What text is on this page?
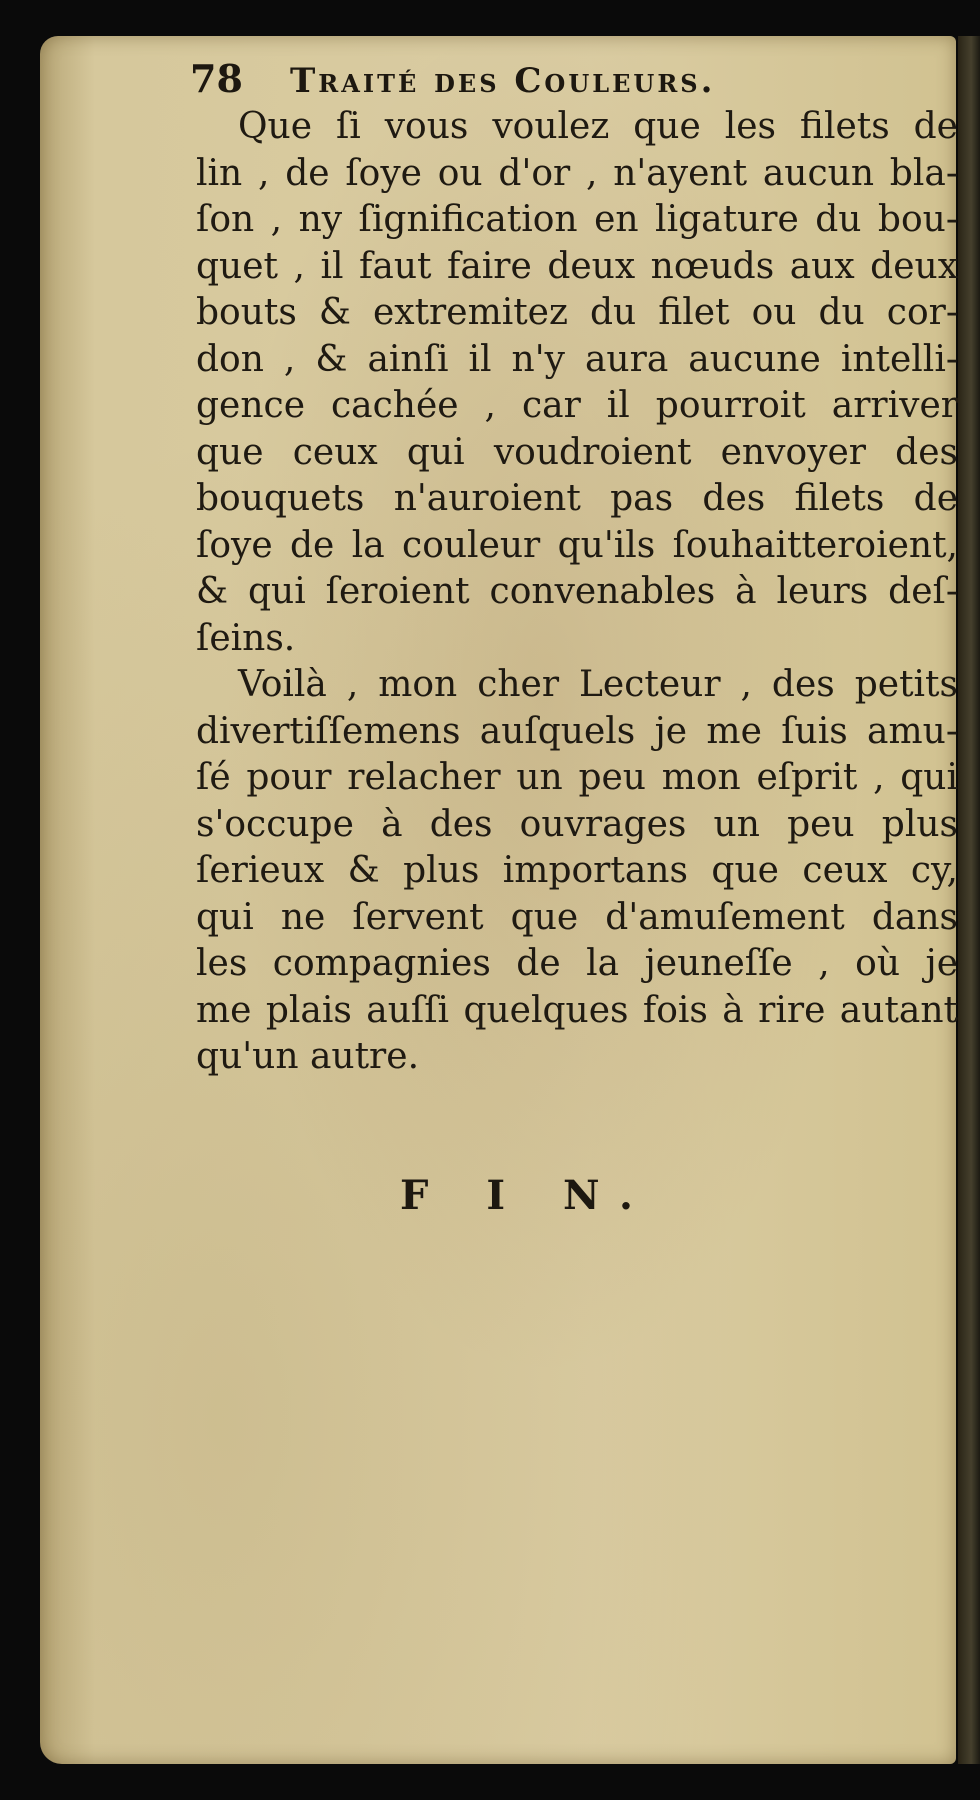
78	Traité des Couleurs.
Que ſi vous voulez que les filets de
lin , de ſoye ou d'or , n'ayent aucun bla-
ſon , ny ſignification en ligature du bou-
quet , il faut faire deux nœuds aux deux
bouts & extremitez du filet ou du cor-
don , & ainſi il n'y aura aucune intelli-
gence cachée , car il pourroit arriver
que ceux qui voudroient envoyer des
bouquets n'auroient pas des filets de
ſoye de la couleur qu'ils ſouhaitteroient,
& qui ſeroient convenables à leurs deſ-
ſeins.
Voilà , mon cher Lecteur , des petits
divertiſſemens auſquels je me ſuis amu-
ſé pour relacher un peu mon eſprit , qui
s'occupe à des ouvrages un peu plus
ſerieux & plus importans que ceux cy,
qui ne ſervent que d'amuſement dans
les compagnies de la jeuneſſe , où je
me plais auſſi quelques fois à rire autant
qu'un autre.
F I N.
